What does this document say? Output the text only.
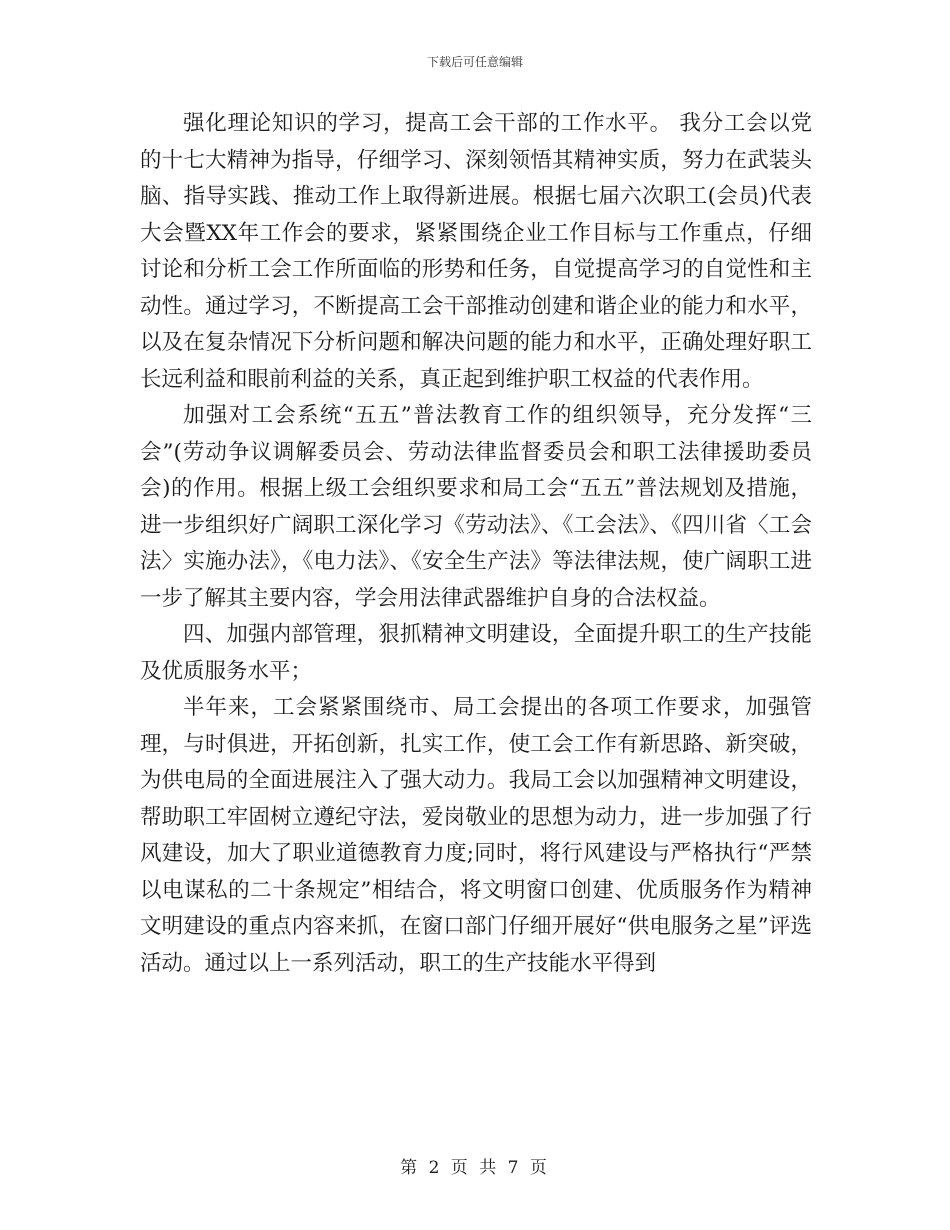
下载后可任意编辑

强化理论知识的学习，提高工会干部的工作水平。 我分工会以党的十七大精神为指导，仔细学习、深刻领悟其精神实质，努力在武装头脑、指导实践、推动工作上取得新进展。根据七届六次职工(会员)代表大会暨XX年工作会的要求，紧紧围绕企业工作目标与工作重点，仔细讨论和分析工会工作所面临的形势和任务，自觉提高学习的自觉性和主动性。通过学习，不断提高工会干部推动创建和谐企业的能力和水平，以及在复杂情况下分析问题和解决问题的能力和水平，正确处理好职工长远利益和眼前利益的关系，真正起到维护职工权益的代表作用。

加强对工会系统“五五”普法教育工作的组织领导，充分发挥“三会”(劳动争议调解委员会、劳动法律监督委员会和职工法律援助委员会)的作用。根据上级工会组织要求和局工会“五五”普法规划及措施，进一步组织好广阔职工深化学习《劳动法》、《工会法》、《四川省〈工会法〉实施办法》，《电力法》、《安全生产法》等法律法规，使广阔职工进一步了解其主要内容，学会用法律武器维护自身的合法权益。

四、加强内部管理，狠抓精神文明建设，全面提升职工的生产技能及优质服务水平；

半年来，工会紧紧围绕市、局工会提出的各项工作要求，加强管理，与时俱进，开拓创新，扎实工作，使工会工作有新思路、新突破，为供电局的全面进展注入了强大动力。我局工会以加强精神文明建设，帮助职工牢固树立遵纪守法，爱岗敬业的思想为动力，进一步加强了行风建设，加大了职业道德教育力度;同时，将行风建设与严格执行“严禁以电谋私的二十条规定”相结合，将文明窗口创建、优质服务作为精神文明建设的重点内容来抓，在窗口部门仔细开展好“供电服务之星”评选活动。通过以上一系列活动，职工的生产技能水平得到

第 2 页 共 7 页
